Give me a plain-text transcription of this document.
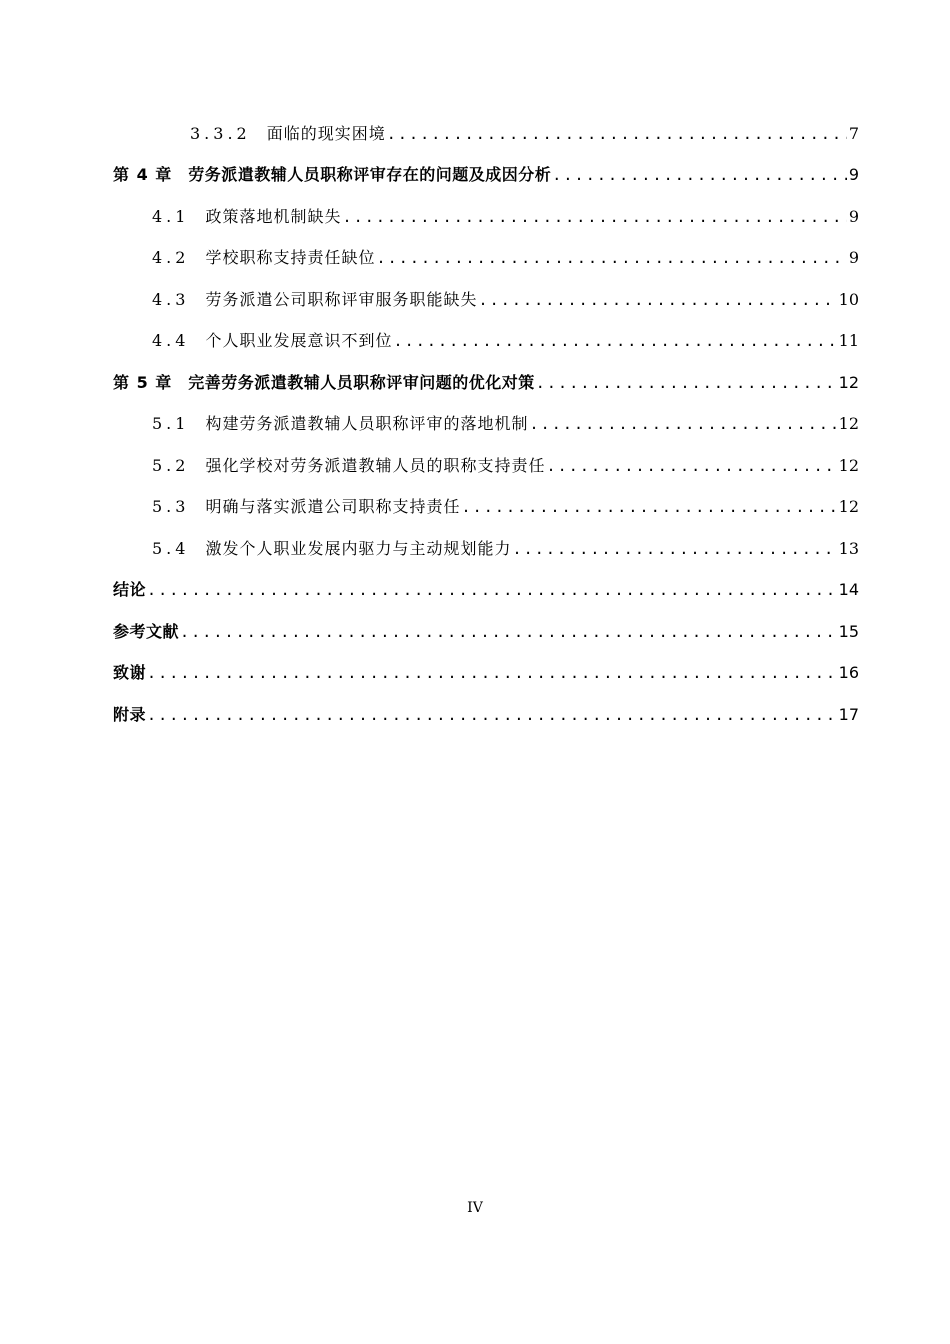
3.3.2 面临的现实困境 .....	7
第 4 章 劳务派遣教辅人员职称评审存在的问题及成因分析 .....	9
4.1 政策落地机制缺失 .....	9
4.2 学校职称支持责任缺位 .....	9
4.3 劳务派遣公司职称评审服务职能缺失 .....	10
4.4 个人职业发展意识不到位 .....	11
第 5 章 完善劳务派遣教辅人员职称评审问题的优化对策 .....	12
5.1 构建劳务派遣教辅人员职称评审的落地机制 .....	12
5.2 强化学校对劳务派遣教辅人员的职称支持责任 .....	12
5.3 明确与落实派遣公司职称支持责任 .....	12
5.4 激发个人职业发展内驱力与主动规划能力 .....	13
结论 .....	14
参考文献 .....	15
致谢 .....	16
附录 .....	17
IV
